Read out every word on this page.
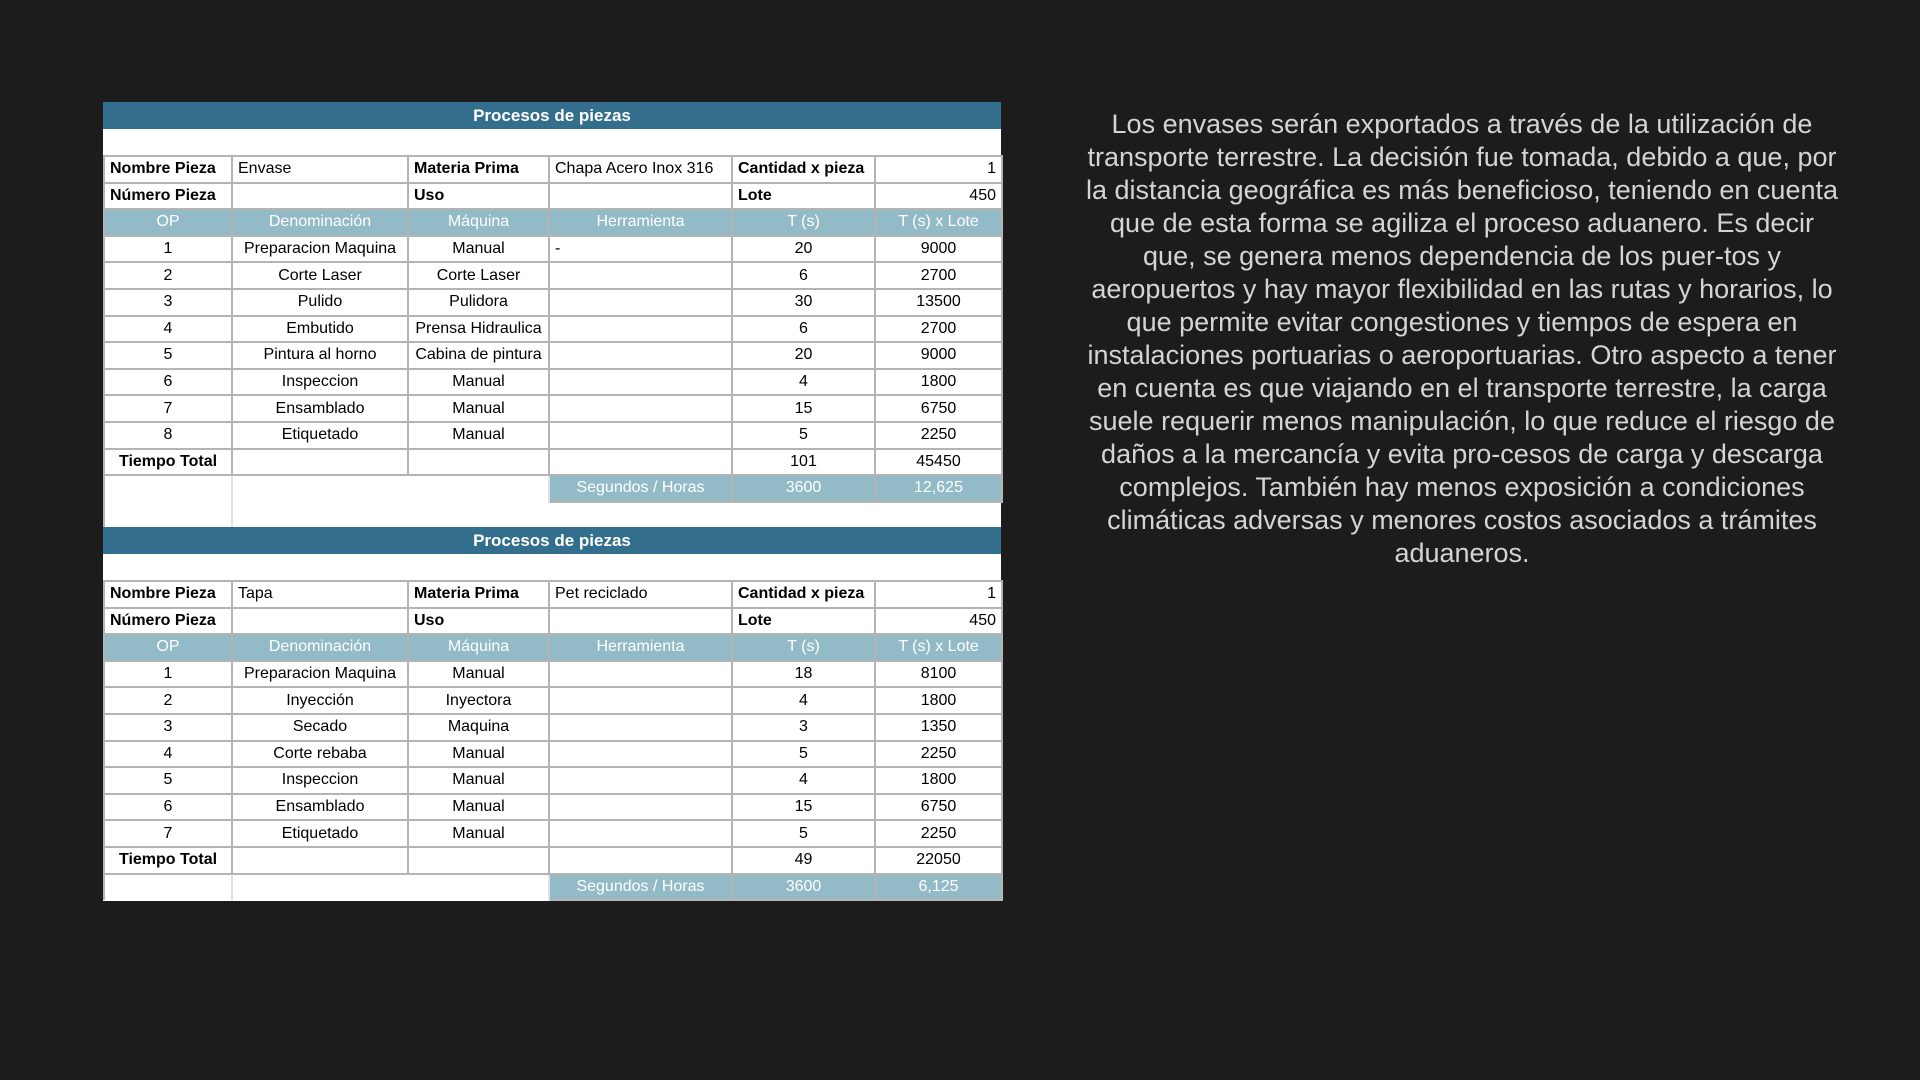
Procesos de piezas
Nombre Pieza	Envase	Materia Prima	Chapa Acero Inox 316	Cantidad x pieza	1
Número Pieza		Uso		Lote	450
OP	Denominación	Máquina	Herramienta	T (s)	T (s) x Lote
1	Preparacion Maquina	Manual	-	20	9000
2	Corte Laser	Corte Laser		6	2700
3	Pulido	Pulidora		30	13500
4	Embutido	Prensa Hidraulica		6	2700
5	Pintura al horno	Cabina de pintura		20	9000
6	Inspeccion	Manual		4	1800
7	Ensamblado	Manual		15	6750
8	Etiquetado	Manual		5	2250
Tiempo Total				101	45450
			Segundos / Horas	3600	12,625

Procesos de piezas
Nombre Pieza	Tapa	Materia Prima	Pet reciclado	Cantidad x pieza	1
Número Pieza		Uso		Lote	450
OP	Denominación	Máquina	Herramienta	T (s)	T (s) x Lote
1	Preparacion Maquina	Manual		18	8100
2	Inyección	Inyectora		4	1800
3	Secado	Maquina		3	1350
4	Corte rebaba	Manual		5	2250
5	Inspeccion	Manual		4	1800
6	Ensamblado	Manual		15	6750
7	Etiquetado	Manual		5	2250
Tiempo Total				49	22050
			Segundos / Horas	3600	6,125
Los envases serán exportados a través de la utilización de transporte terrestre. La decisión fue tomada, debido a que, por la distancia geográfica es más beneficioso, teniendo en cuenta que de esta forma se agiliza el proceso aduanero. Es decir que, se genera menos dependencia de los puer-tos y aeropuertos y hay mayor flexibilidad en las rutas y horarios, lo que permite evitar congestiones y tiempos de espera en instalaciones portuarias o aeroportuarias. Otro aspecto a tener en cuenta es que viajando en el transporte terrestre, la carga suele requerir menos manipulación, lo que reduce el riesgo de daños a la mercancía y evita pro-cesos de carga y descarga complejos. También hay menos exposición a condiciones climáticas adversas y menores costos asociados a trámites aduaneros.
